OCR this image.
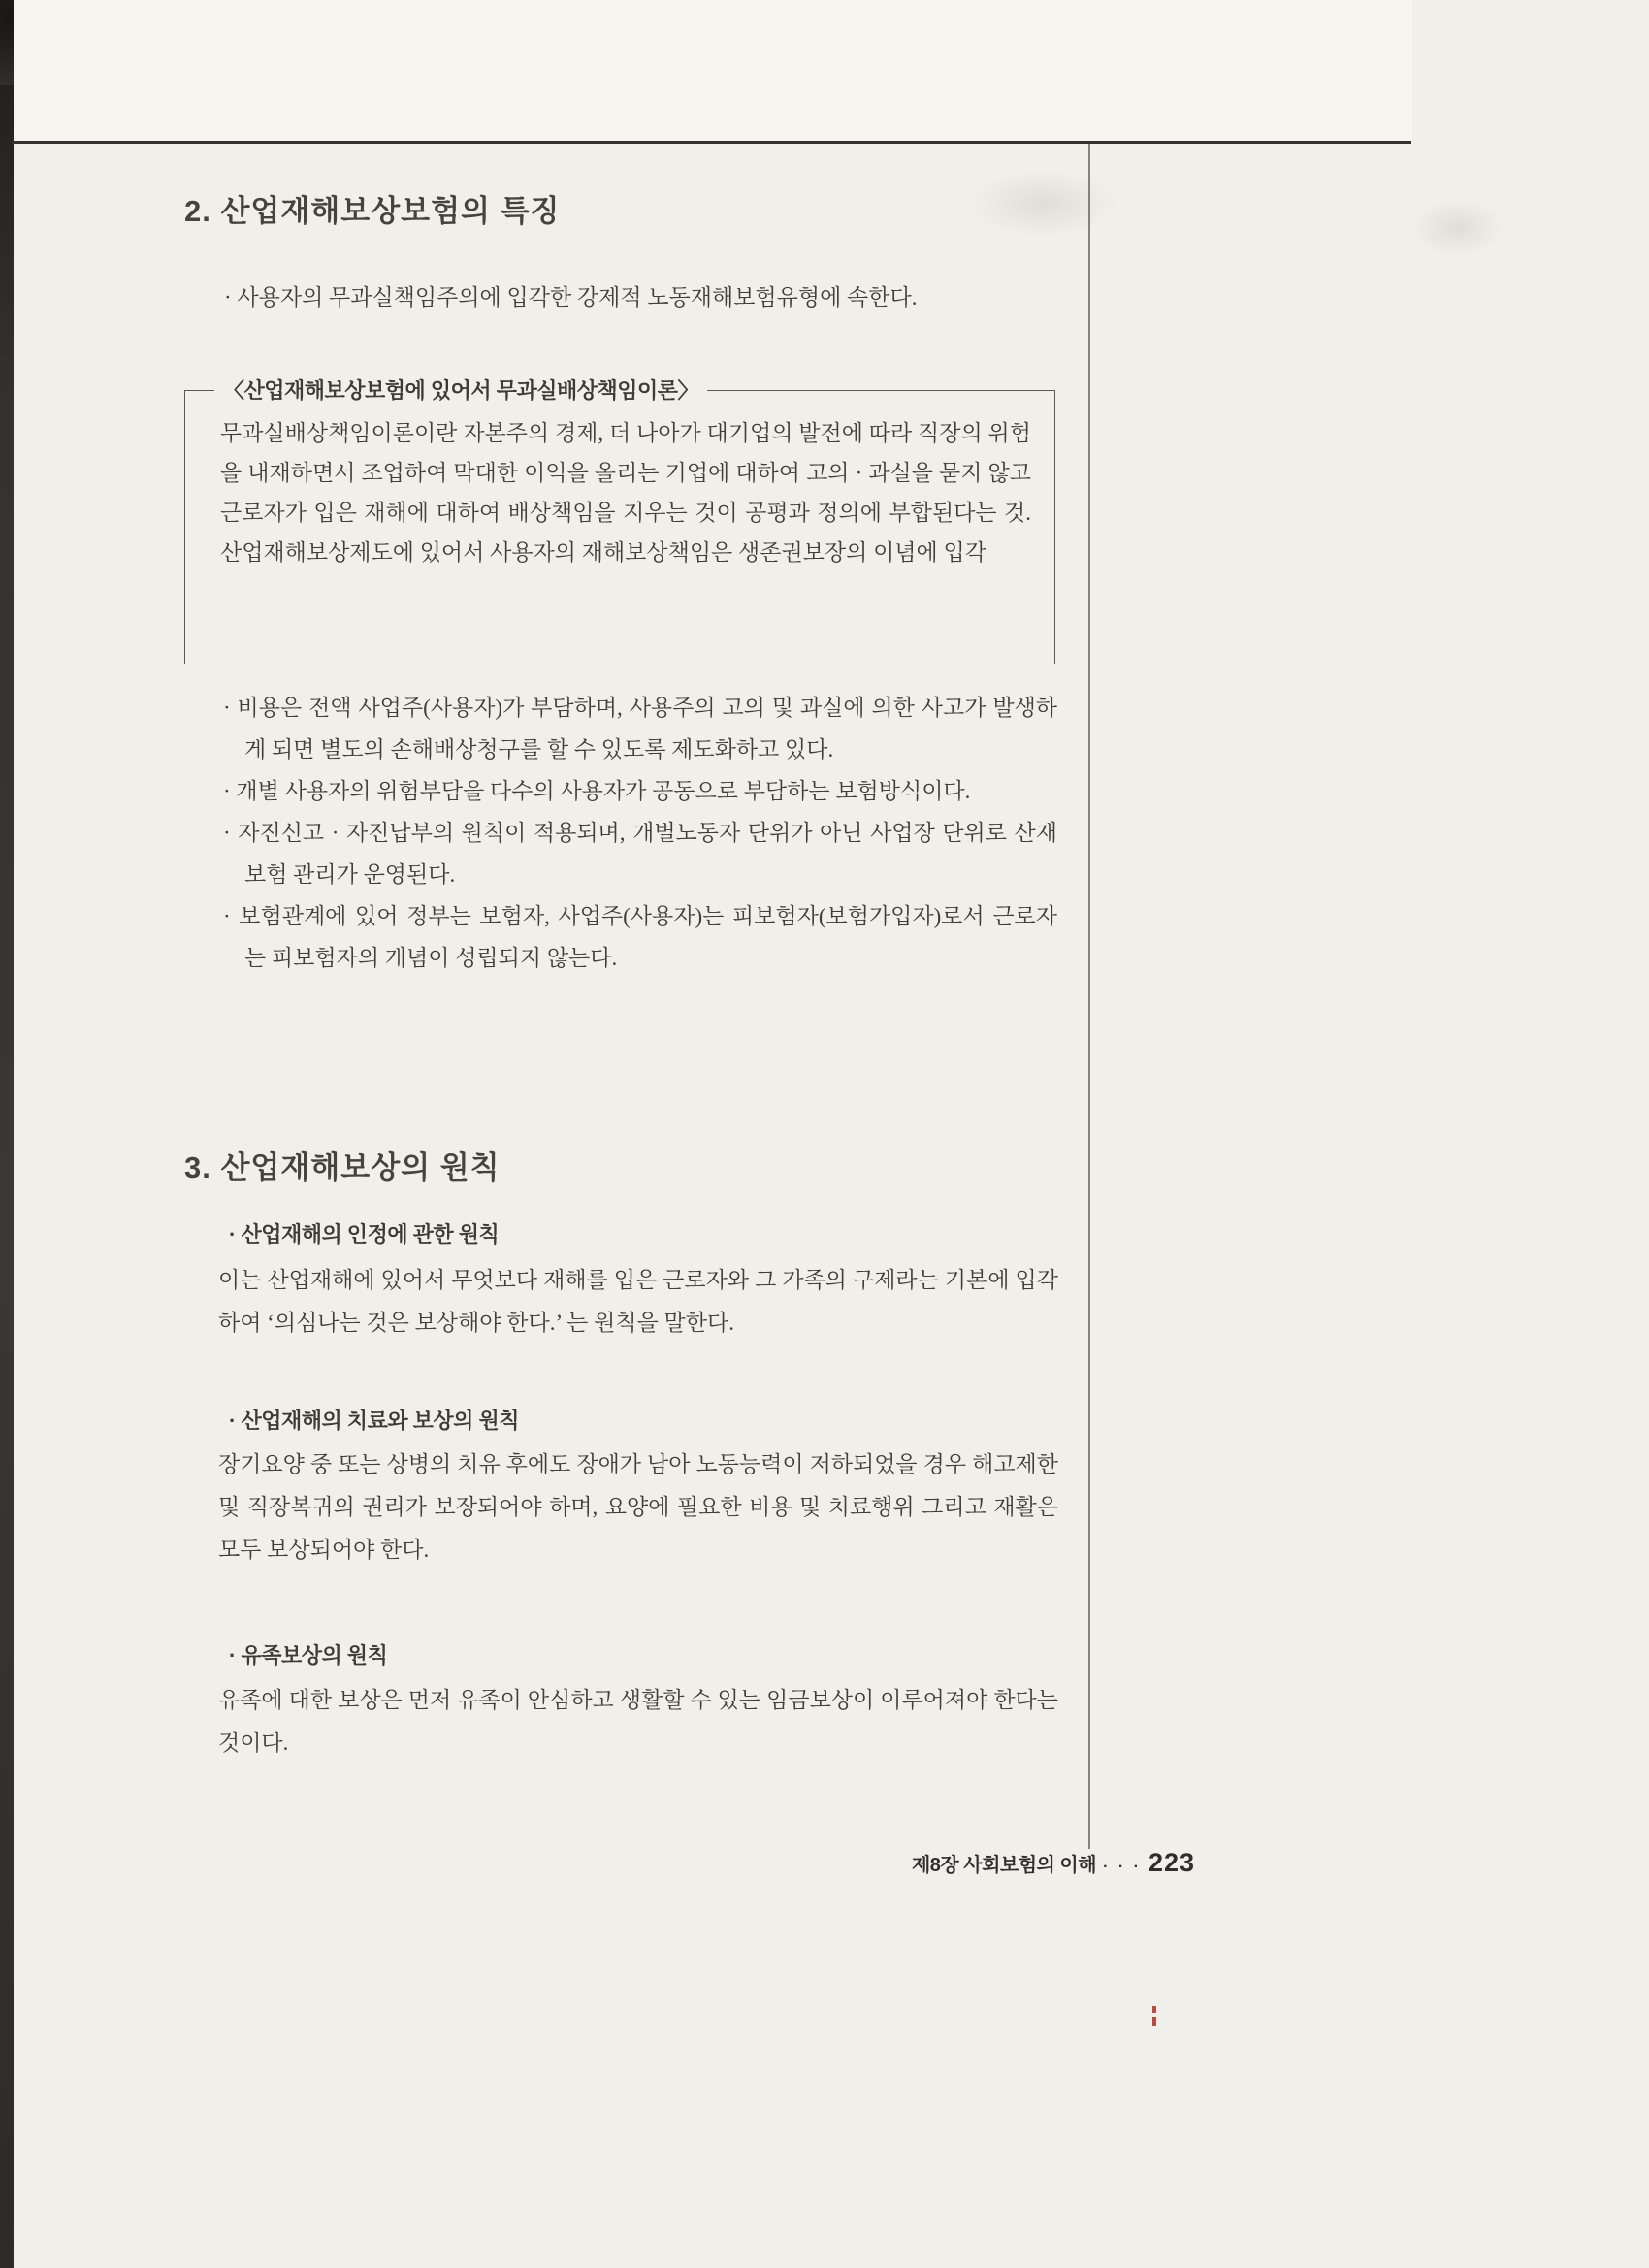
2. 산업재해보상보험의 특징
· 사용자의 무과실책임주의에 입각한 강제적 노동재해보험유형에 속한다.
〈산업재해보상보험에 있어서 무과실배상책임이론〉
무과실배상책임이론이란 자본주의 경제, 더 나아가 대기업의 발전에 따라 직장의 위험을 내재하면서 조업하여 막대한 이익을 올리는 기업에 대하여 고의 · 과실을 묻지 않고 근로자가 입은 재해에 대하여 배상책임을 지우는 것이 공평과 정의에 부합된다는 것. 산업재해보상제도에 있어서 사용자의 재해보상책임은 생존권보장의 이념에 입각
· 비용은 전액 사업주(사용자)가 부담하며, 사용주의 고의 및 과실에 의한 사고가 발생하게 되면 별도의 손해배상청구를 할 수 있도록 제도화하고 있다.
· 개별 사용자의 위험부담을 다수의 사용자가 공동으로 부담하는 보험방식이다.
· 자진신고 · 자진납부의 원칙이 적용되며, 개별노동자 단위가 아닌 사업장 단위로 산재보험 관리가 운영된다.
· 보험관계에 있어 정부는 보험자, 사업주(사용자)는 피보험자(보험가입자)로서 근로자는 피보험자의 개념이 성립되지 않는다.
3. 산업재해보상의 원칙
· 산업재해의 인정에 관한 원칙
이는 산업재해에 있어서 무엇보다 재해를 입은 근로자와 그 가족의 구제라는 기본에 입각하여 ‘의심나는 것은 보상해야 한다.’ 는 원칙을 말한다.
· 산업재해의 치료와 보상의 원칙
장기요양 중 또는 상병의 치유 후에도 장애가 남아 노동능력이 저하되었을 경우 해고제한 및 직장복귀의 권리가 보장되어야 하며, 요양에 필요한 비용 및 치료행위 그리고 재활은 모두 보상되어야 한다.
· 유족보상의 원칙
유족에 대한 보상은 먼저 유족이 안심하고 생활할 수 있는 임금보상이 이루어져야 한다는 것이다.
제8장 사회보험의 이해 · · · 223
